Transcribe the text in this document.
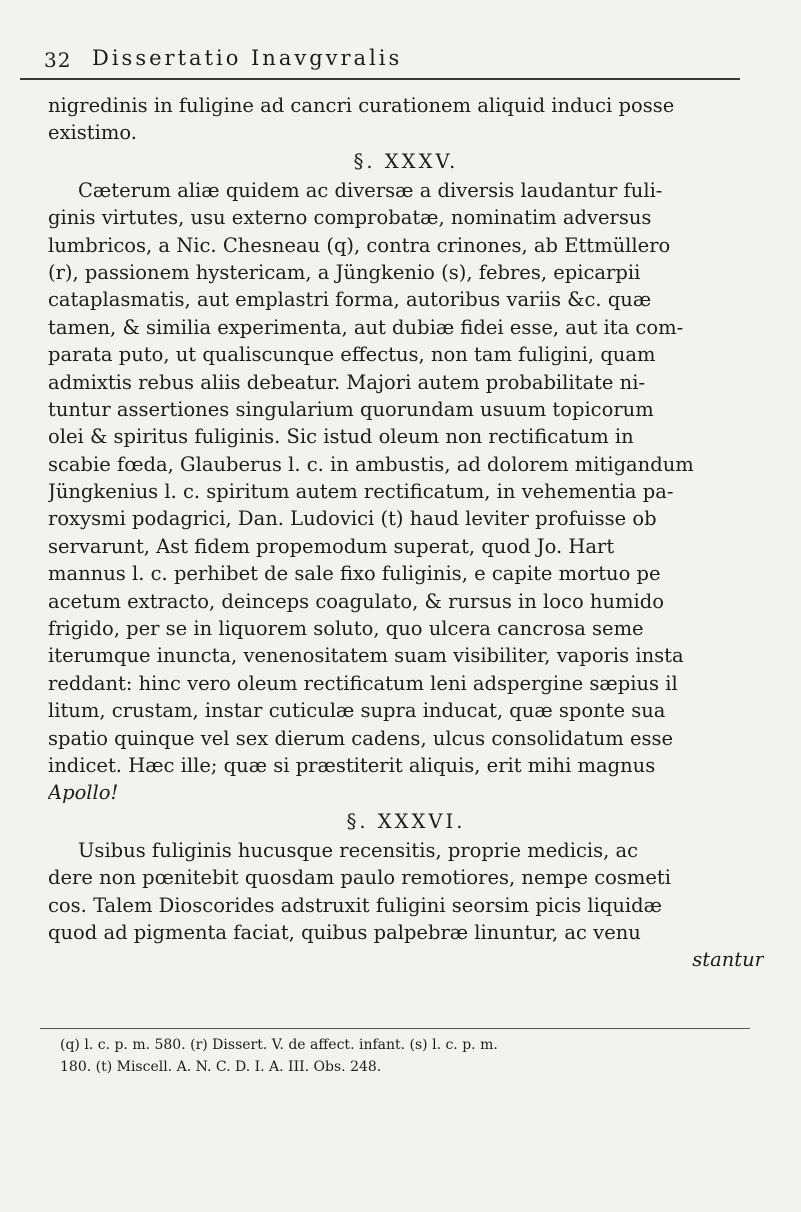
32 Dissertatio Inavgvralis
nigredinis in fuligine ad cancri curationem aliquid induci posse
existimo.
§. XXXV.
Cæterum aliæ quidem ac diversæ a diversis laudantur fuli-
ginis virtutes, usu externo comprobatæ, nominatim adversus
lumbricos, a Nic. Chesneau (q), contra crinones, ab Ettmüllero
(r), passionem hystericam, a Jüngkenio (s), febres, epicarpii
cataplasmatis, aut emplastri forma, autoribus variis &c. quæ
tamen, & similia experimenta, aut dubiæ fidei esse, aut ita com-
parata puto, ut qualiscunque effectus, non tam fuligini, quam
admixtis rebus aliis debeatur. Majori autem probabilitate ni-
tuntur assertiones singularium quorundam usuum topicorum
olei & spiritus fuliginis. Sic istud oleum non rectificatum in
scabie fœda, Glauberus l. c. in ambustis, ad dolorem mitigandum
Jüngkenius l. c. spiritum autem rectificatum, in vehementia pa-
roxysmi podagrici, Dan. Ludovici (t) haud leviter profuisse ob
servarunt, Ast fidem propemodum superat, quod Jo. Hart
mannus l. c. perhibet de sale fixo fuliginis, e capite mortuo pe
acetum extracto, deinceps coagulato, & rursus in loco humido
frigido, per se in liquorem soluto, quo ulcera cancrosa seme
iterumque inuncta, venenositatem suam visibiliter, vaporis insta
reddant: hinc vero oleum rectificatum leni adspergine sæpius il
litum, crustam, instar cuticulæ supra inducat, quæ sponte sua
spatio quinque vel sex dierum cadens, ulcus consolidatum esse
indicet. Hæc ille; quæ si præstiterit aliquis, erit mihi magnus
Apollo!
§. XXXVI.
Usibus fuliginis hucusque recensitis, proprie medicis, ac
dere non pœnitebit quosdam paulo remotiores, nempe cosmeti
cos. Talem Dioscorides adstruxit fuligini seorsim picis liquidæ
quod ad pigmenta faciat, quibus palpebræ linuntur, ac venu
stantur
(q) l. c. p. m. 580. (r) Dissert. V. de affect. infant. (s) l. c. p. m.
180. (t) Miscell. A. N. C. D. I. A. III. Obs. 248.
